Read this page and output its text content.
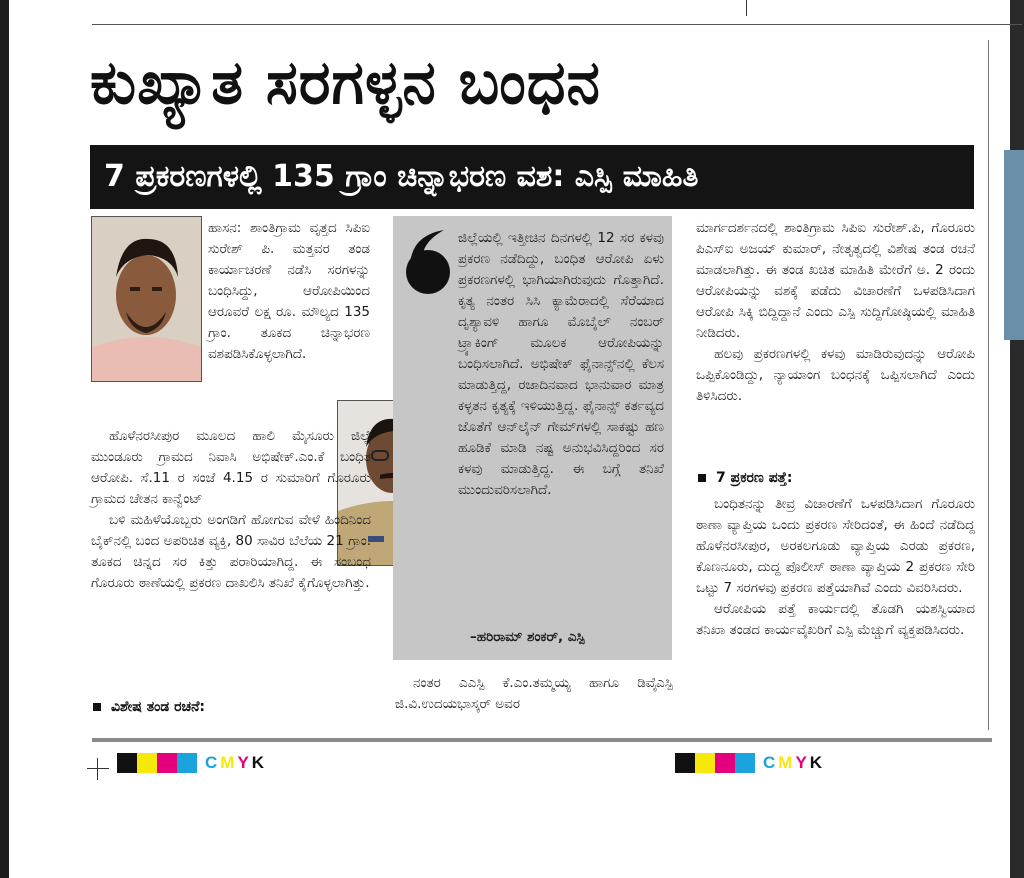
ಕುಖ್ಯಾತ ಸರಗಳ್ಳನ ಬಂಧನ
7 ಪ್ರಕರಣಗಳಲ್ಲಿ 135 ಗ್ರಾಂ ಚಿನ್ನಾಭರಣ ವಶ: ಎಸ್ಪಿ ಮಾಹಿತಿ

ಹಾಸನ: ಶಾಂತಿಗ್ರಾಮ ವೃತ್ತದ ಸಿಪಿಐ ಸುರೇಶ್ ಪಿ. ಮತ್ತವರ ತಂಡ ಕಾರ್ಯಾಚರಣೆ ನಡೆಸಿ ಸರಗಳನ್ನು ಬಂಧಿಸಿದ್ದು, ಆರೋಪಿಯಿಂದ ಆರೂವರೆ ಲಕ್ಷ ರೂ. ಮೌಲ್ಯದ 135 ಗ್ರಾಂ. ತೂಕದ ಚಿನ್ನಾಭರಣ ವಶಪಡಿಸಿಕೊಳ್ಳಲಾಗಿದೆ.

ಹೊಳೆನರಸೀಪುರ ಮೂಲದ ಹಾಲಿ ಮೈಸೂರು ಜಿಲ್ಲೆ ಮುಂಡೂರು ಗ್ರಾಮದ ನಿವಾಸಿ ಅಭಿಷೇಕ್.ಎಂ.ಕೆ ಬಂಧಿತ ಆರೋಪಿ. ಸೆ.11 ರ ಸಂಜೆ 4.15 ರ ಸುಮಾರಿಗೆ ಗೊರೂರು ಗ್ರಾಮದ ಚೇತನ ಕಾನ್ವೆಂಟ್

ಬಳಿ ಮಹಿಳೆಯೊಬ್ಬರು ಅಂಗಡಿಗೆ ಹೋಗುವ ವೇಳೆ ಹಿಂದಿನಿಂದ ಬೈಕ್‌ನಲ್ಲಿ ಬಂದ ಅಪರಿಚಿತ ವ್ಯಕ್ತಿ, 80 ಸಾವಿರ ಬೆಲೆಯ 21 ಗ್ರಾಂ. ತೂಕದ ಚಿನ್ನದ ಸರ ಕಿತ್ತು ಪರಾರಿಯಾಗಿದ್ದ. ಈ ಸಂಬಂಧ ಗೊರೂರು ಠಾಣೆಯಲ್ಲಿ ಪ್ರಕರಣ ದಾಖಲಿಸಿ ತನಿಖೆ ಕೈಗೊಳ್ಳಲಾಗಿತ್ತು.

ವಿಶೇಷ ತಂಡ ರಚನೆ:

ಜಿಲ್ಲೆಯಲ್ಲಿ ಇತ್ತೀಚಿನ ದಿನಗಳಲ್ಲಿ 12 ಸರ ಕಳವು ಪ್ರಕರಣ ನಡೆದಿದ್ದು, ಬಂಧಿತ ಆರೋಪಿ ಏಳು ಪ್ರಕರಣಗಳಲ್ಲಿ ಭಾಗಿಯಾಗಿರುವುದು ಗೊತ್ತಾಗಿದೆ. ಕೃತ್ಯ ನಂತರ ಸಿಸಿ ಕ್ಯಾಮೆರಾದಲ್ಲಿ ಸೆರೆಯಾದ ದೃಶ್ಯಾವಳಿ ಹಾಗೂ ಮೊಬೈಲ್ ನಂಬರ್ ಟ್ರ್ಯಾಕಿಂಗ್ ಮೂಲಕ ಆರೋಪಿಯನ್ನು ಬಂಧಿಸಲಾಗಿದೆ. ಅಭಿಷೇಕ್ ಫೈನಾನ್ಸ್‌ನಲ್ಲಿ ಕೆಲಸ ಮಾಡುತ್ತಿದ್ದ, ರಜಾದಿನವಾದ ಭಾನುವಾರ ಮಾತ್ರ ಕಳ್ಳತನ ಕೃತ್ಯಕ್ಕೆ ಇಳಿಯುತ್ತಿದ್ದ. ಫೈನಾನ್ಸ್ ಕರ್ತವ್ಯದ ಜೊತೆಗೆ ಆನ್‌ಲೈನ್ ಗೇಮ್‌ಗಳಲ್ಲಿ ಸಾಕಷ್ಟು ಹಣ ಹೂಡಿಕೆ ಮಾಡಿ ನಷ್ಟ ಅನುಭವಿಸಿದ್ದರಿಂದ ಸರ ಕಳವು ಮಾಡುತ್ತಿದ್ದ. ಈ ಬಗ್ಗೆ ತನಿಖೆ ಮುಂದುವರಿಸಲಾಗಿದೆ.

–ಹರಿರಾಮ್ ಶಂಕರ್, ಎಸ್ಪಿ

ನಂತರ ಎಎಸ್ಪಿ ಕೆ.ಎಂ.ತಮ್ಮಯ್ಯ ಹಾಗೂ ಡಿವೈಎಸ್ಪಿ ಜಿ.ವಿ.ಉದಯಭಾಸ್ಕರ್ ಅವರ

ಮಾರ್ಗದರ್ಶನದಲ್ಲಿ ಶಾಂತಿಗ್ರಾಮ ಸಿಪಿಐ ಸುರೇಶ್.ಪಿ, ಗೊರೂರು ಪಿಎಸ್‌ಐ ಅಜಯ್ ಕುಮಾರ್, ನೇತೃತ್ವದಲ್ಲಿ ವಿಶೇಷ ತಂಡ ರಚನೆ ಮಾಡಲಾಗಿತ್ತು. ಈ ತಂಡ ಖಚಿತ ಮಾಹಿತಿ ಮೇರೆಗೆ ಅ. 2 ರಂದು ಆರೋಪಿಯನ್ನು ವಶಕ್ಕೆ ಪಡೆದು ವಿಚಾರಣೆಗೆ ಒಳಪಡಿಸಿದಾಗ ಆರೋಪಿ ಸಿಕ್ಕಿ ಬಿದ್ದಿದ್ದಾನೆ ಎಂದು ಎಸ್ಪಿ ಸುದ್ದಿಗೋಷ್ಠಿಯಲ್ಲಿ ಮಾಹಿತಿ ನೀಡಿದರು.

ಹಲವು ಪ್ರಕರಣಗಳಲ್ಲಿ ಕಳವು ಮಾಡಿರುವುದನ್ನು ಆರೋಪಿ ಒಪ್ಪಿಕೊಂಡಿದ್ದು, ನ್ಯಾಯಾಂಗ ಬಂಧನಕ್ಕೆ ಒಪ್ಪಿಸಲಾಗಿದೆ ಎಂದು ತಿಳಿಸಿದರು.

7 ಪ್ರಕರಣ ಪತ್ತೆ:

ಬಂಧಿತನನ್ನು ತೀವ್ರ ವಿಚಾರಣೆಗೆ ಒಳಪಡಿಸಿದಾಗ ಗೊರೂರು ಠಾಣಾ ವ್ಯಾಪ್ತಿಯ ಒಂದು ಪ್ರಕರಣ ಸೇರಿದಂತೆ, ಈ ಹಿಂದೆ ನಡೆದಿದ್ದ ಹೊಳೆನರಸೀಪುರ, ಅರಕಲಗೂಡು ವ್ಯಾಪ್ತಿಯ ಎರಡು ಪ್ರಕರಣ, ಕೊಣನೂರು, ದುದ್ದ ಪೊಲೀಸ್ ಠಾಣಾ ವ್ಯಾಪ್ತಿಯ 2 ಪ್ರಕರಣ ಸೇರಿ ಒಟ್ಟು 7 ಸರಗಳವು ಪ್ರಕರಣ ಪತ್ತೆಯಾಗಿವೆ ಎಂದು ವಿವರಿಸಿದರು.

ಆರೋಪಿಯ ಪತ್ತೆ ಕಾರ್ಯದಲ್ಲಿ ತೊಡಗಿ ಯಶಸ್ವಿಯಾದ ತನಿಖಾ ತಂಡದ ಕಾರ್ಯವೈಖರಿಗೆ ಎಸ್ಪಿ ಮೆಚ್ಚುಗೆ ವ್ಯಕ್ತಪಡಿಸಿದರು.

CMYK	CMYK
